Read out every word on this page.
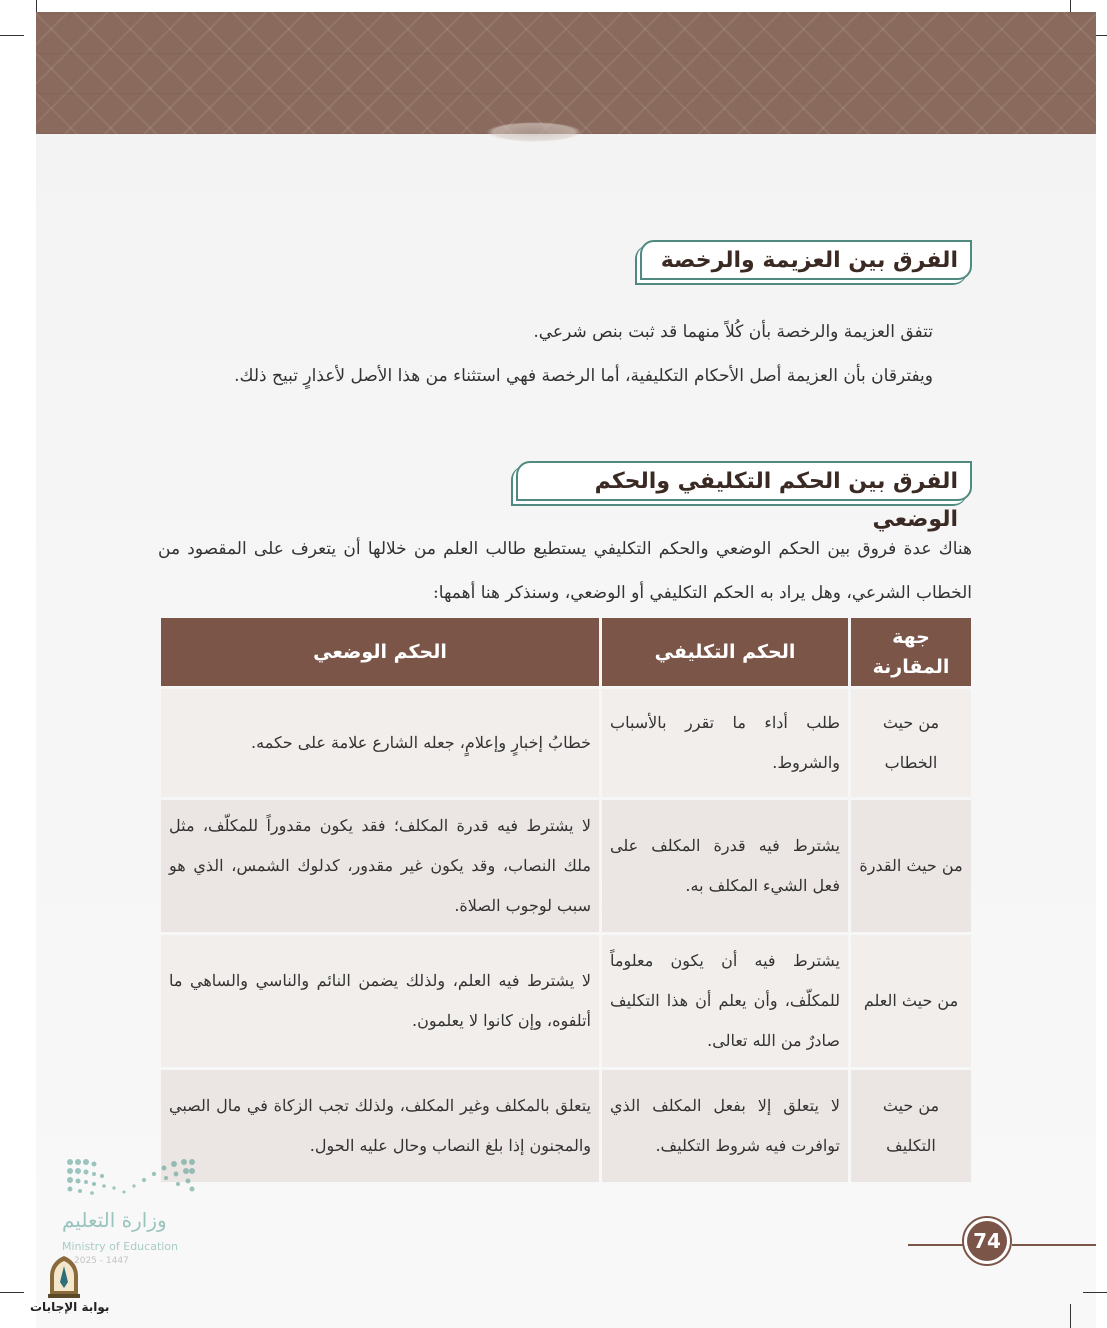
الفرق بين العزيمة والرخصة
تتفق العزيمة والرخصة بأن كُلاً منهما قد ثبت بنص شرعي.
ويفترقان بأن العزيمة أصل الأحكام التكليفية، أما الرخصة فهي استثناء من هذا الأصل لأعذارٍ تبيح ذلك.
الفرق بين الحكم التكليفي والحكم الوضعي
هناك عدة فروق بين الحكم الوضعي والحكم التكليفي يستطيع طالب العلم من خلالها أن يتعرف على المقصود من الخطاب الشرعي، وهل يراد به الحكم التكليفي أو الوضعي، وسنذكر هنا أهمها:
جهة المقارنة	الحكم التكليفي	الحكم الوضعي
من حيث الخطاب	طلب أداء ما تقرر بالأسباب والشروط.	خطابُ إخبارٍ وإعلامٍ، جعله الشارع علامة على حكمه.
من حيث القدرة	يشترط فيه قدرة المكلف على فعل الشيء المكلف به.	لا يشترط فيه قدرة المكلف؛ فقد يكون مقدوراً للمكلّف، مثل ملك النصاب، وقد يكون غير مقدور، كدلوك الشمس، الذي هو سبب لوجوب الصلاة.
من حيث العلم	يشترط فيه أن يكون معلوماً للمكلّف، وأن يعلم أن هذا التكليف صادرٌ من الله تعالى.	لا يشترط فيه العلم، ولذلك يضمن النائم والناسي والساهي ما أتلفوه، وإن كانوا لا يعلمون.
من حيث التكليف	لا يتعلق إلا بفعل المكلف الذي توافرت فيه شروط التكليف.	يتعلق بالمكلف وغير المكلف، ولذلك تجب الزكاة في مال الصبي والمجنون إذا بلغ النصاب وحال عليه الحول.
وزارة التعليم
Ministry of Education
2025 - 1447
بوابة الإجابات
74
